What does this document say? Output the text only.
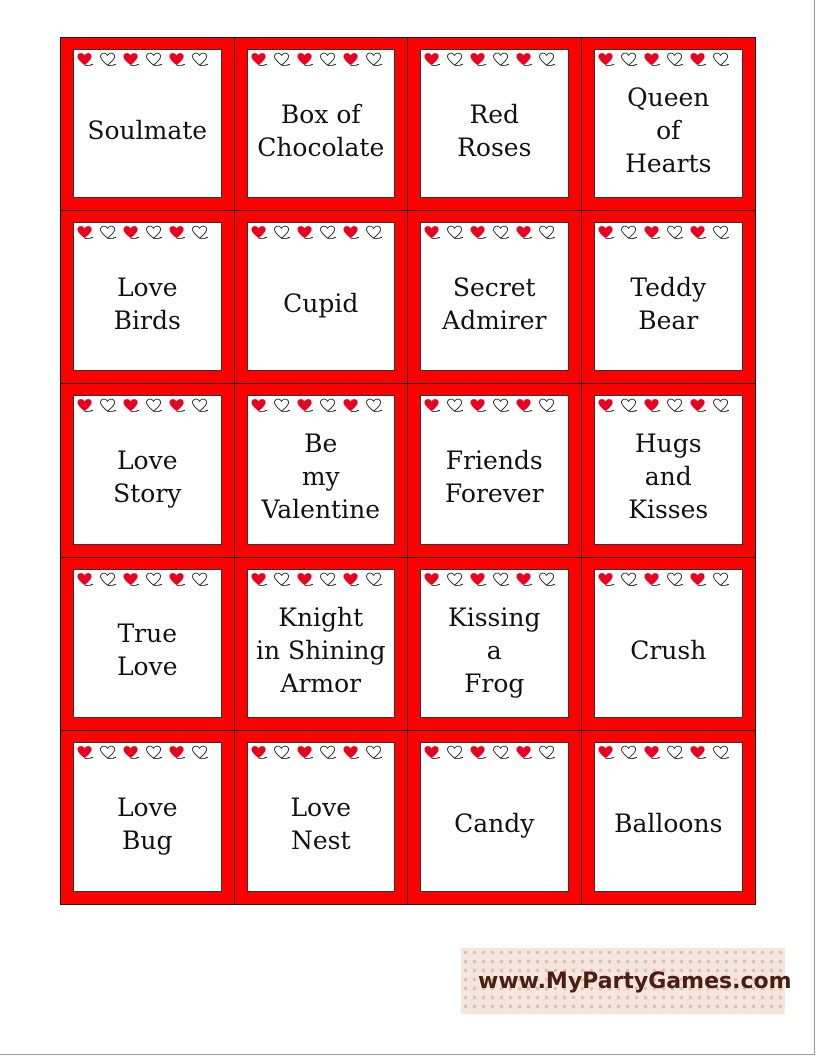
Soulmate
Box of
Chocolate
Red
Roses
Queen
of
Hearts
Love
Birds
Cupid
Secret
Admirer
Teddy
Bear
Love
Story
Be
my
Valentine
Friends
Forever
Hugs
and
Kisses
True
Love
Knight
in Shining
Armor
Kissing
a
Frog
Crush
Love
Bug
Love
Nest
Candy	Balloons
www.MyPartyGames.com
